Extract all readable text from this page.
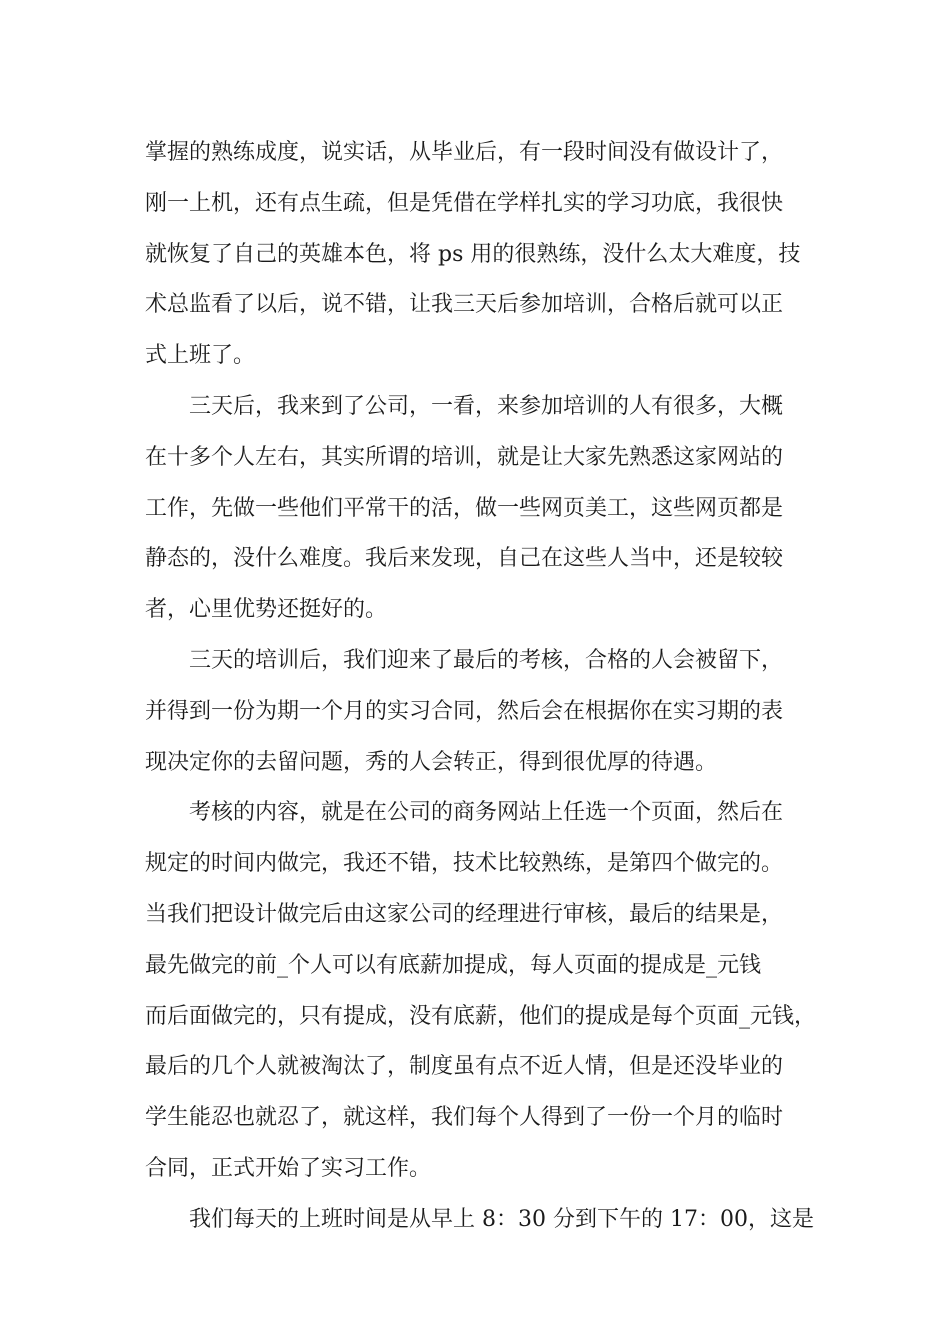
掌握的熟练成度，说实话，从毕业后，有一段时间没有做设计了，
刚一上机，还有点生疏，但是凭借在学样扎实的学习功底，我很快
就恢复了自己的英雄本色，将 ps 用的很熟练，没什么太大难度，技
术总监看了以后，说不错，让我三天后参加培训，合格后就可以正
式上班了。
三天后，我来到了公司，一看，来参加培训的人有很多，大概
在十多个人左右，其实所谓的培训，就是让大家先熟悉这家网站的
工作，先做一些他们平常干的活，做一些网页美工，这些网页都是
静态的，没什么难度。我后来发现，自己在这些人当中，还是较较
者，心里优势还挺好的。
三天的培训后，我们迎来了最后的考核，合格的人会被留下，
并得到一份为期一个月的实习合同，然后会在根据你在实习期的表
现决定你的去留问题，秀的人会转正，得到很优厚的待遇。
考核的内容，就是在公司的商务网站上任选一个页面，然后在
规定的时间内做完，我还不错，技术比较熟练，是第四个做完的。
当我们把设计做完后由这家公司的经理进行审核，最后的结果是，
最先做完的前_个人可以有底薪加提成，每人页面的提成是_元钱
而后面做完的，只有提成，没有底薪，他们的提成是每个页面_元钱，
最后的几个人就被淘汰了，制度虽有点不近人情，但是还没毕业的
学生能忍也就忍了，就这样，我们每个人得到了一份一个月的临时
合同，正式开始了实习工作。
我们每天的上班时间是从早上 8：30 分到下午的 17：00，这是
